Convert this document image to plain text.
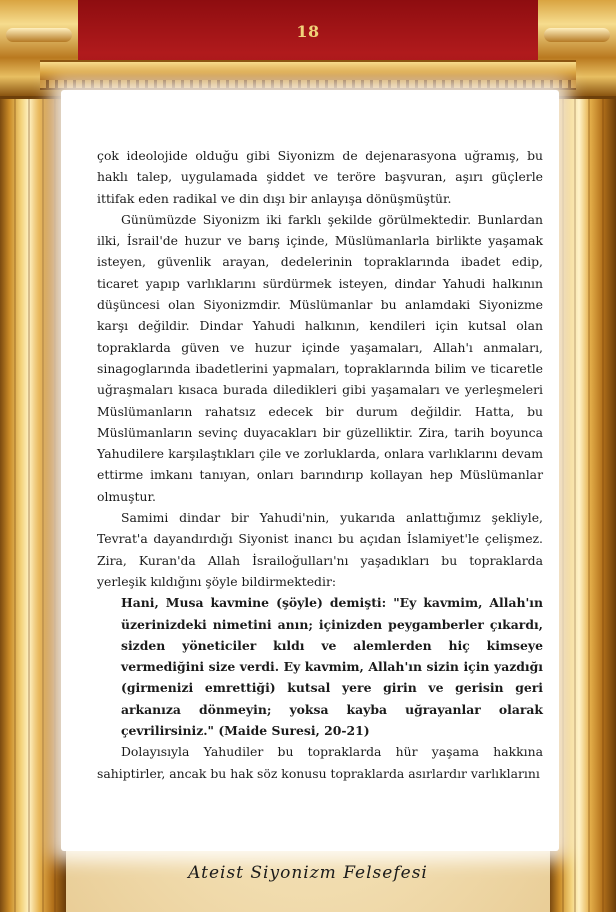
18

çok ideolojide olduğu gibi Siyonizm de dejenarasyona uğramış, bu haklı talep, uygulamada şiddet ve teröre başvuran, aşırı güçlerle ittifak eden radikal ve din dışı bir anlayışa dönüşmüştür.

Günümüzde Siyonizm iki farklı şekilde görülmektedir. Bunlardan ilki, İsrail'de huzur ve barış içinde, Müslümanlarla birlikte yaşamak isteyen, güvenlik arayan, dedelerinin topraklarında ibadet edip, ticaret yapıp varlıklarını sürdürmek isteyen, dindar Yahudi halkının düşüncesi olan Siyonizmdir. Müslümanlar bu anlamdaki Siyonizme karşı değildir. Dindar Yahudi halkının, kendileri için kutsal olan topraklarda güven ve huzur içinde yaşamaları, Allah'ı anmaları, sinagoglarında ibadetlerini yapmaları, topraklarında bilim ve ticaretle uğraşmaları kısaca burada diledikleri gibi yaşamaları ve yerleşmeleri Müslümanların rahatsız edecek bir durum değildir. Hatta, bu Müslümanların sevinç duyacakları bir güzelliktir. Zira, tarih boyunca Yahudilere karşılaştıkları çile ve zorluklarda, onlara varlıklarını devam ettirme imkanı tanıyan, onları barındırıp kollayan hep Müslümanlar olmuştur.

Samimi dindar bir Yahudi'nin, yukarıda anlattığımız şekliyle, Tevrat'a dayandırdığı Siyonist inancı bu açıdan İslamiyet'le çelişmez. Zira, Kuran'da Allah İsrailoğulları'nı yaşadıkları bu topraklarda yerleşik kıldığını şöyle bildirmektedir:

Hani, Musa kavmine (şöyle) demişti: "Ey kavmim, Allah'ın üzerinizdeki nimetini anın; içinizden peygamberler çıkardı, sizden yöneticiler kıldı ve alemlerden hiç kimseye vermediğini size verdi. Ey kavmim, Allah'ın sizin için yazdığı (girmenizi emrettiği) kutsal yere girin ve gerisin geri arkanıza dönmeyin; yoksa kayba uğrayanlar olarak çevrilirsiniz." (Maide Suresi, 20-21)

Dolayısıyla Yahudiler bu topraklarda hür yaşama hakkına sahiptirler, ancak bu hak söz konusu topraklarda asırlardır varlıklarını

Ateist Siyonizm Felsefesi
